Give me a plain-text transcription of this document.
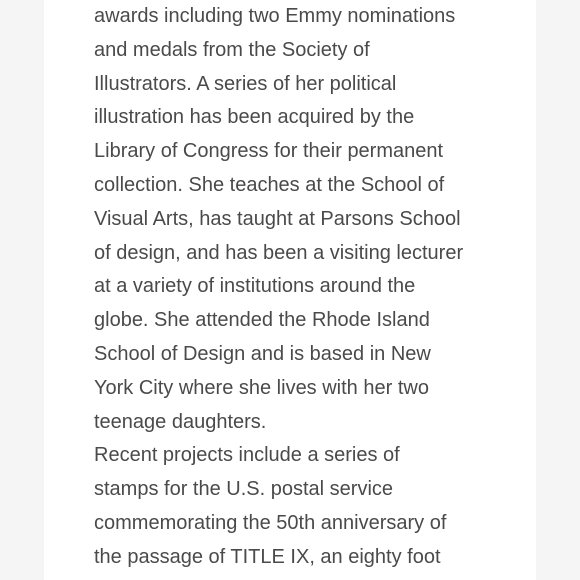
awards including two Emmy nominations
and medals from the Society of
Illustrators. A series of her political
illustration has been acquired by the
Library of Congress for their permanent
collection. She teaches at the School of
Visual Arts, has taught at Parsons School
of design, and has been a visiting lecturer
at a variety of institutions around the
globe. She attended the Rhode Island
School of Design and is based in New
York City where she lives with her two
teenage daughters.
Recent projects include a series of
stamps for the U.S. postal service
commemorating the 50th anniversary of
the passage of TITLE IX, an eighty foot
